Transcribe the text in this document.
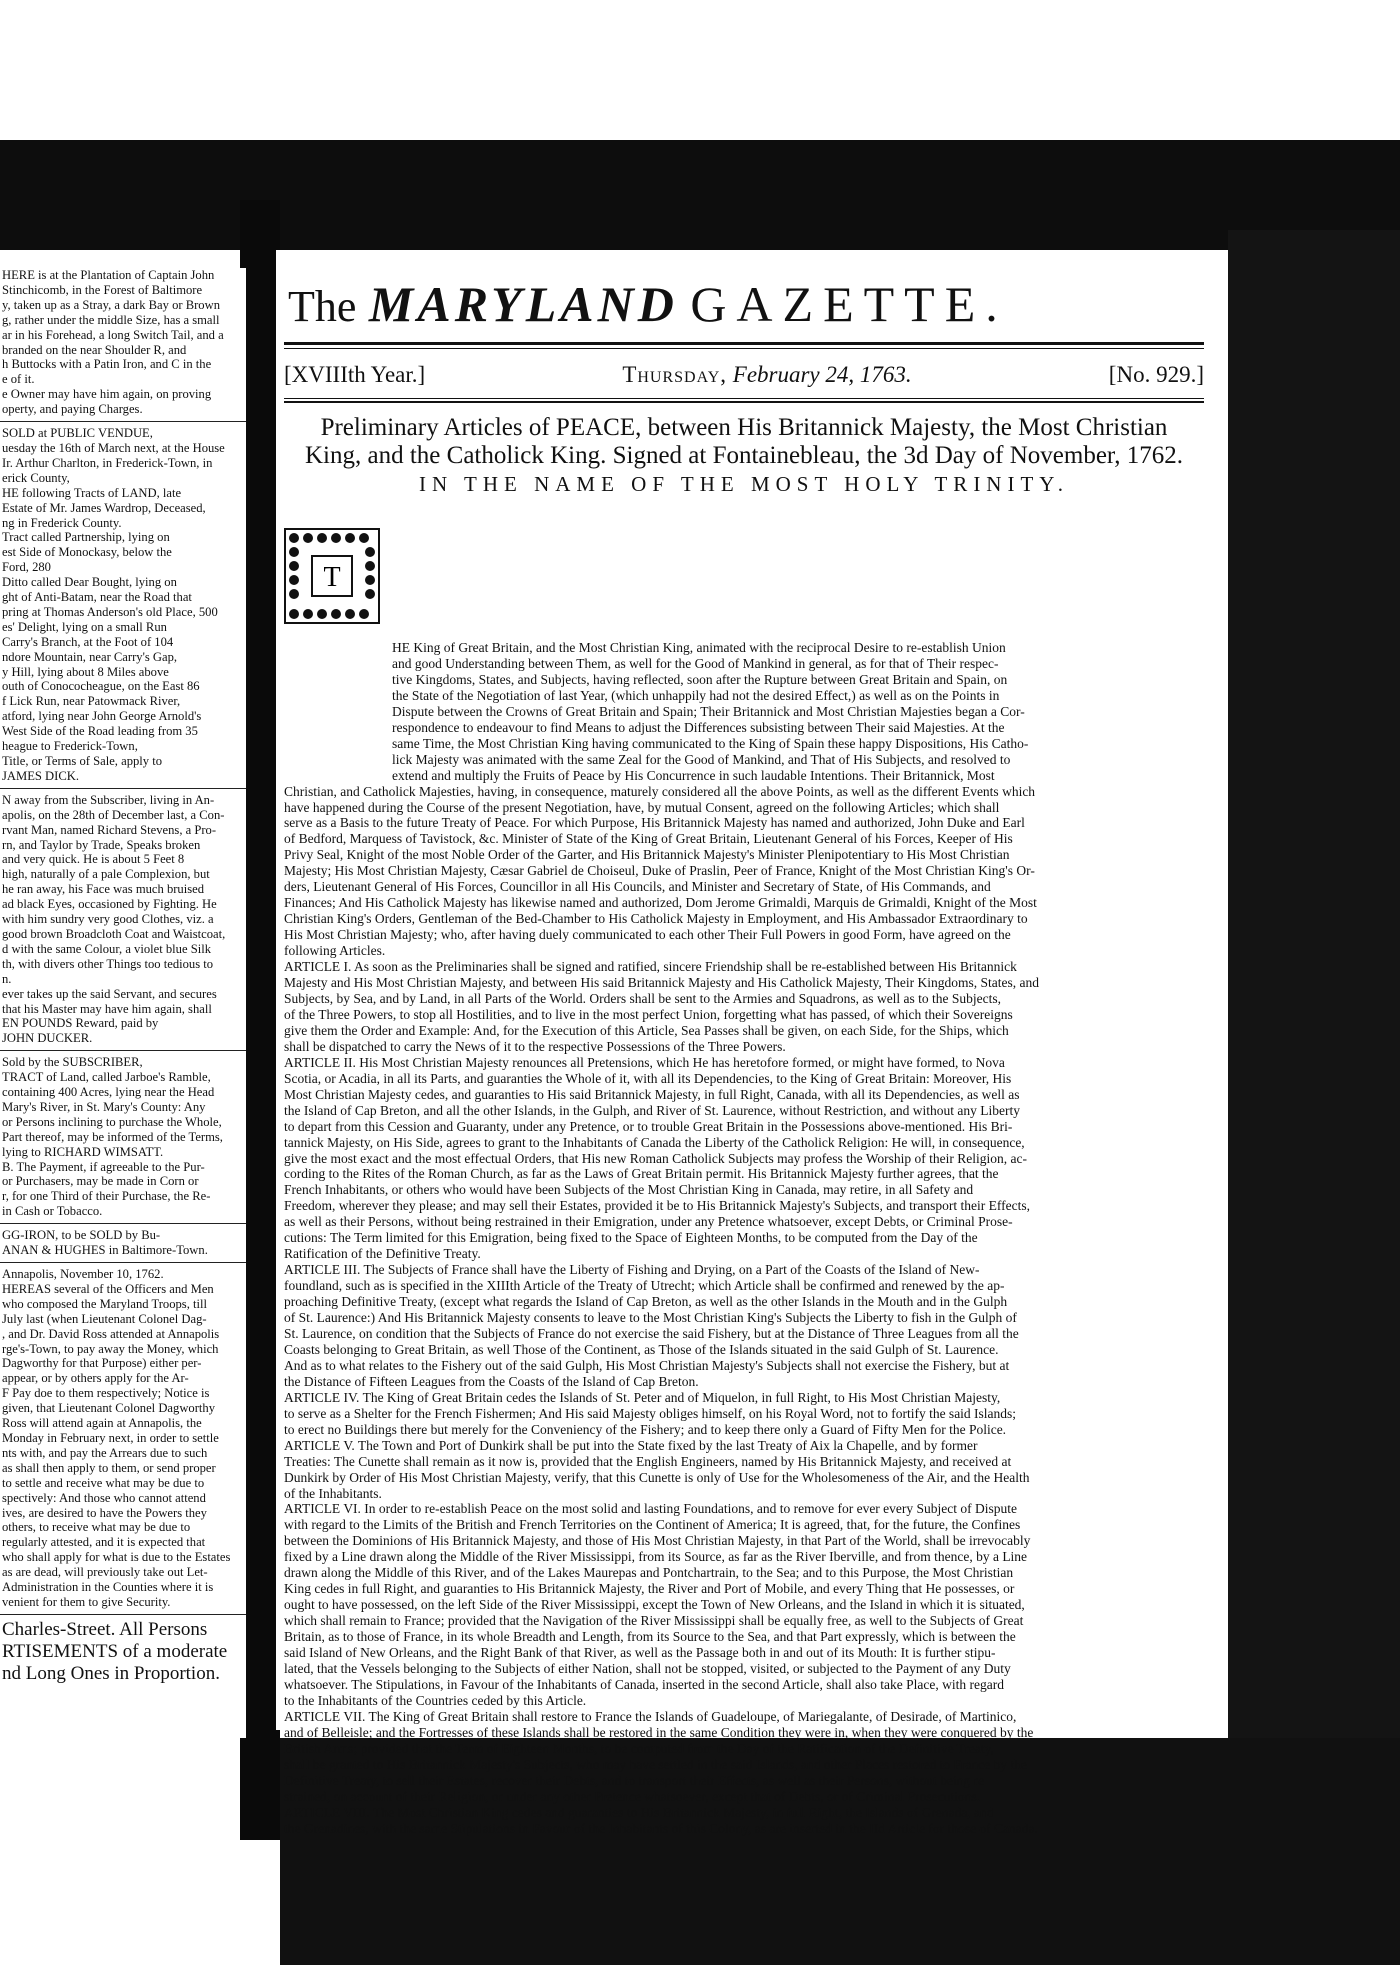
HERE is at the Plantation of Captain John
Stinchicomb, in the Forest of Baltimore
y, taken up as a Stray, a dark Bay or Brown
g, rather under the middle Size, has a small
ar in his Forehead, a long Switch Tail, and a
branded on the near Shoulder R, and
h Buttocks with a Patin Iron, and C in the
e of it.
e Owner may have him again, on proving
operty, and paying Charges.
SOLD at PUBLIC VENDUE,
uesday the 16th of March next, at the House
Ir. Arthur Charlton, in Frederick-Town, in
erick County,
HE following Tracts of LAND, late
Estate of Mr. James Wardrop, Deceased,
ng in Frederick County.
Tract called Partnership, lying on
est Side of Monockasy, below the
Ford, 280
Ditto called Dear Bought, lying on
ght of Anti-Batam, near the Road that
pring at Thomas Anderson's old Place, 500
es' Delight, lying on a small Run
Carry's Branch, at the Foot of 104
ndore Mountain, near Carry's Gap,
y Hill, lying about 8 Miles above
outh of Conococheague, on the East 86
f Lick Run, near Patowmack River,
atford, lying near John George Arnold's
West Side of the Road leading from 35
heague to Frederick-Town,
Title, or Terms of Sale, apply to
JAMES DICK.
N away from the Subscriber, living in An-
apolis, on the 28th of December last, a Con-
rvant Man, named Richard Stevens, a Pro-
rn, and Taylor by Trade, Speaks broken
and very quick. He is about 5 Feet 8
high, naturally of a pale Complexion, but
he ran away, his Face was much bruised
ad black Eyes, occasioned by Fighting. He
with him sundry very good Clothes, viz. a
good brown Broadcloth Coat and Waistcoat,
d with the same Colour, a violet blue Silk
th, with divers other Things too tedious to
n.
ever takes up the said Servant, and secures
that his Master may have him again, shall
EN POUNDS Reward, paid by
JOHN DUCKER.
Sold by the SUBSCRIBER,
TRACT of Land, called Jarboe's Ramble,
containing 400 Acres, lying near the Head
Mary's River, in St. Mary's County: Any
or Persons inclining to purchase the Whole,
Part thereof, may be informed of the Terms,
lying to RICHARD WIMSATT.
B. The Payment, if agreeable to the Pur-
or Purchasers, may be made in Corn or
r, for one Third of their Purchase, the Re-
in Cash or Tobacco.
GG-IRON, to be SOLD by Bu-
ANAN & HUGHES in Baltimore-Town.
Annapolis, November 10, 1762.
HEREAS several of the Officers and Men
who composed the Maryland Troops, till
July last (when Lieutenant Colonel Dag-
, and Dr. David Ross attended at Annapolis
rge's-Town, to pay away the Money, which
Dagworthy for that Purpose) either per-
appear, or by others apply for the Ar-
F Pay doe to them respectively; Notice is
given, that Lieutenant Colonel Dagworthy
Ross will attend again at Annapolis, the
Monday in February next, in order to settle
nts with, and pay the Arrears due to such
as shall then apply to them, or send proper
to settle and receive what may be due to
spectively: And those who cannot attend
ives, are desired to have the Powers they
others, to receive what may be due to
regularly attested, and it is expected that
who shall apply for what is due to the Estates
as are dead, will previously take out Let-
Administration in the Counties where it is
venient for them to give Security.
Charles-Street. All Persons
RTISEMENTS of a moderate
nd Long Ones in Proportion.
The MARYLAND GAZETTE.
[XVIIIth Year.]	Thursday, February 24, 1763.	[No. 929.]
Preliminary Articles of PEACE, between His Britannick Majesty, the Most Christian
King, and the Catholick King. Signed at Fontainebleau, the 3d Day of November, 1762.
IN THE NAME OF THE MOST HOLY TRINITY.
T
HE King of Great Britain, and the Most Christian King, animated with the reciprocal Desire to re-establish Union
and good Understanding between Them, as well for the Good of Mankind in general, as for that of Their respec-
tive Kingdoms, States, and Subjects, having reflected, soon after the Rupture between Great Britain and Spain, on
the State of the Negotiation of last Year, (which unhappily had not the desired Effect,) as well as on the Points in
Dispute between the Crowns of Great Britain and Spain; Their Britannick and Most Christian Majesties began a Cor-
respondence to endeavour to find Means to adjust the Differences subsisting between Their said Majesties. At the
same Time, the Most Christian King having communicated to the King of Spain these happy Dispositions, His Catho-
lick Majesty was animated with the same Zeal for the Good of Mankind, and That of His Subjects, and resolved to
extend and multiply the Fruits of Peace by His Concurrence in such laudable Intentions. Their Britannick, Most
Christian, and Catholick Majesties, having, in consequence, maturely considered all the above Points, as well as the different Events which
have happened during the Course of the present Negotiation, have, by mutual Consent, agreed on the following Articles; which shall
serve as a Basis to the future Treaty of Peace. For which Purpose, His Britannick Majesty has named and authorized, John Duke and Earl
of Bedford, Marquess of Tavistock, &c. Minister of State of the King of Great Britain, Lieutenant General of his Forces, Keeper of His
Privy Seal, Knight of the most Noble Order of the Garter, and His Britannick Majesty's Minister Plenipotentiary to His Most Christian
Majesty; His Most Christian Majesty, Cæsar Gabriel de Choiseul, Duke of Praslin, Peer of France, Knight of the Most Christian King's Or-
ders, Lieutenant General of His Forces, Councillor in all His Councils, and Minister and Secretary of State, of His Commands, and
Finances; And His Catholick Majesty has likewise named and authorized, Dom Jerome Grimaldi, Marquis de Grimaldi, Knight of the Most
Christian King's Orders, Gentleman of the Bed-Chamber to His Catholick Majesty in Employment, and His Ambassador Extraordinary to
His Most Christian Majesty; who, after having duely communicated to each other Their Full Powers in good Form, have agreed on the
following Articles.
ARTICLE I. As soon as the Preliminaries shall be signed and ratified, sincere Friendship shall be re-established between His Britannick
Majesty and His Most Christian Majesty, and between His said Britannick Majesty and His Catholick Majesty, Their Kingdoms, States, and
Subjects, by Sea, and by Land, in all Parts of the World. Orders shall be sent to the Armies and Squadrons, as well as to the Subjects,
of the Three Powers, to stop all Hostilities, and to live in the most perfect Union, forgetting what has passed, of which their Sovereigns
give them the Order and Example: And, for the Execution of this Article, Sea Passes shall be given, on each Side, for the Ships, which
shall be dispatched to carry the News of it to the respective Possessions of the Three Powers.
ARTICLE II. His Most Christian Majesty renounces all Pretensions, which He has heretofore formed, or might have formed, to Nova
Scotia, or Acadia, in all its Parts, and guaranties the Whole of it, with all its Dependencies, to the King of Great Britain: Moreover, His
Most Christian Majesty cedes, and guaranties to His said Britannick Majesty, in full Right, Canada, with all its Dependencies, as well as
the Island of Cap Breton, and all the other Islands, in the Gulph, and River of St. Laurence, without Restriction, and without any Liberty
to depart from this Cession and Guaranty, under any Pretence, or to trouble Great Britain in the Possessions above-mentioned. His Bri-
tannick Majesty, on His Side, agrees to grant to the Inhabitants of Canada the Liberty of the Catholick Religion: He will, in consequence,
give the most exact and the most effectual Orders, that His new Roman Catholick Subjects may profess the Worship of their Religion, ac-
cording to the Rites of the Roman Church, as far as the Laws of Great Britain permit. His Britannick Majesty further agrees, that the
French Inhabitants, or others who would have been Subjects of the Most Christian King in Canada, may retire, in all Safety and
Freedom, wherever they please; and may sell their Estates, provided it be to His Britannick Majesty's Subjects, and transport their Effects,
as well as their Persons, without being restrained in their Emigration, under any Pretence whatsoever, except Debts, or Criminal Prose-
cutions: The Term limited for this Emigration, being fixed to the Space of Eighteen Months, to be computed from the Day of the
Ratification of the Definitive Treaty.
ARTICLE III. The Subjects of France shall have the Liberty of Fishing and Drying, on a Part of the Coasts of the Island of New-
foundland, such as is specified in the XIIIth Article of the Treaty of Utrecht; which Article shall be confirmed and renewed by the ap-
proaching Definitive Treaty, (except what regards the Island of Cap Breton, as well as the other Islands in the Mouth and in the Gulph
of St. Laurence:) And His Britannick Majesty consents to leave to the Most Christian King's Subjects the Liberty to fish in the Gulph of
St. Laurence, on condition that the Subjects of France do not exercise the said Fishery, but at the Distance of Three Leagues from all the
Coasts belonging to Great Britain, as well Those of the Continent, as Those of the Islands situated in the said Gulph of St. Laurence.
And as to what relates to the Fishery out of the said Gulph, His Most Christian Majesty's Subjects shall not exercise the Fishery, but at
the Distance of Fifteen Leagues from the Coasts of the Island of Cap Breton.
ARTICLE IV. The King of Great Britain cedes the Islands of St. Peter and of Miquelon, in full Right, to His Most Christian Majesty,
to serve as a Shelter for the French Fishermen; And His said Majesty obliges himself, on his Royal Word, not to fortify the said Islands;
to erect no Buildings there but merely for the Conveniency of the Fishery; and to keep there only a Guard of Fifty Men for the Police.
ARTICLE V. The Town and Port of Dunkirk shall be put into the State fixed by the last Treaty of Aix la Chapelle, and by former
Treaties: The Cunette shall remain as it now is, provided that the English Engineers, named by His Britannick Majesty, and received at
Dunkirk by Order of His Most Christian Majesty, verify, that this Cunette is only of Use for the Wholesomeness of the Air, and the Health
of the Inhabitants.
ARTICLE VI. In order to re-establish Peace on the most solid and lasting Foundations, and to remove for ever every Subject of Dispute
with regard to the Limits of the British and French Territories on the Continent of America; It is agreed, that, for the future, the Confines
between the Dominions of His Britannick Majesty, and those of His Most Christian Majesty, in that Part of the World, shall be irrevocably
fixed by a Line drawn along the Middle of the River Mississippi, from its Source, as far as the River Iberville, and from thence, by a Line
drawn along the Middle of this River, and of the Lakes Maurepas and Pontchartrain, to the Sea; and to this Purpose, the Most Christian
King cedes in full Right, and guaranties to His Britannick Majesty, the River and Port of Mobile, and every Thing that He possesses, or
ought to have possessed, on the left Side of the River Mississippi, except the Town of New Orleans, and the Island in which it is situated,
which shall remain to France; provided that the Navigation of the River Mississippi shall be equally free, as well to the Subjects of Great
Britain, as to those of France, in its whole Breadth and Length, from its Source to the Sea, and that Part expressly, which is between the
said Island of New Orleans, and the Right Bank of that River, as well as the Passage both in and out of its Mouth: It is further stipu-
lated, that the Vessels belonging to the Subjects of either Nation, shall not be stopped, visited, or subjected to the Payment of any Duty
whatsoever. The Stipulations, in Favour of the Inhabitants of Canada, inserted in the second Article, shall also take Place, with regard
to the Inhabitants of the Countries ceded by this Article.
ARTICLE VII. The King of Great Britain shall restore to France the Islands of Guadeloupe, of Mariegalante, of Desirade, of Martinico,
and of Belleisle; and the Fortresses of these Islands shall be restored in the same Condition they were in, when they were conquered by the
British Arms; provided that the Term of Eighteen Months, to be computed from the Day of the Ratification of the Definitive Treaty,
shall be granted to His Britannick Majesty's Subjects, who may have settled in the said Islands, and other Places restored to France by the
Definitive Treaty, to sell their Estates, recover their Debts, and to transport their Effects, as well as their Persons, without being re-
strained, on account of their Religion, or under any other Pretence whatsoever, except that of Debts, or of Criminal Prosecutions.
ARTICLE VIII. The Most Christian King cedes and guaranties to His Britannick Majesty, in full Right, the Islands of Grenada, and
the Grenadines, with the same Stipulations in Favour of the Inhabitants of this Colony, as are inserted in the IId Article for those of Canada.
